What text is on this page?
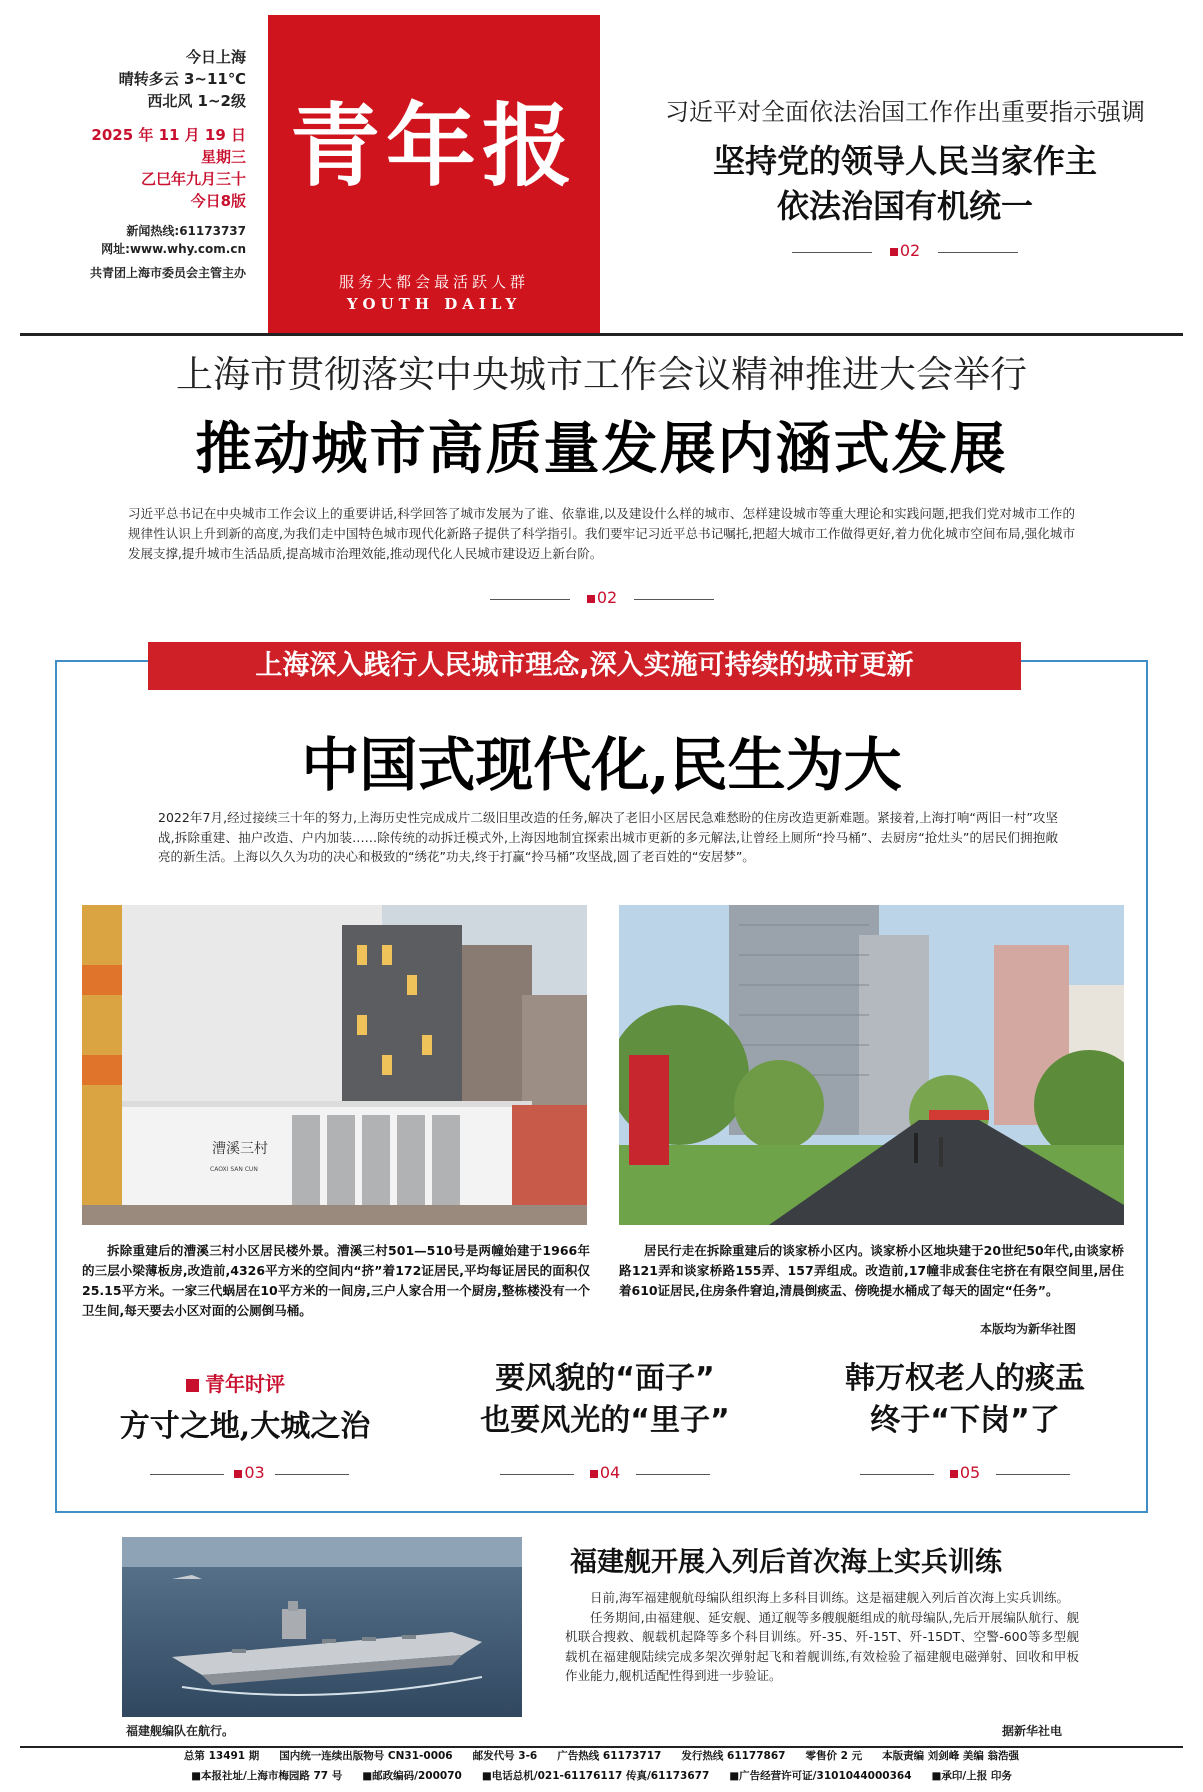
今日上海
晴转多云 3~11℃
西北风 1~2级
2025 年 11 月 19 日
星期三
乙巳年九月三十
今日8版
新闻热线:61173737
网址:www.why.com.cn
共青团上海市委员会主管主办
青年报
服务大都会最活跃人群
YOUTH DAILY
习近平对全面依法治国工作作出重要指示强调
坚持党的领导人民当家作主
依法治国有机统一
02
上海市贯彻落实中央城市工作会议精神推进大会举行
推动城市高质量发展内涵式发展
习近平总书记在中央城市工作会议上的重要讲话,科学回答了城市发展为了谁、依靠谁,以及建设什么样的城市、怎样建设城市等重大理论和实践问题,把我们党对城市工作的规律性认识上升到新的高度,为我们走中国特色城市现代化新路子提供了科学指引。我们要牢记习近平总书记嘱托,把超大城市工作做得更好,着力优化城市空间布局,强化城市发展支撑,提升城市生活品质,提高城市治理效能,推动现代化人民城市建设迈上新台阶。
02
上海深入践行人民城市理念,深入实施可持续的城市更新
中国式现代化,民生为大
2022年7月,经过接续三十年的努力,上海历史性完成成片二级旧里改造的任务,解决了老旧小区居民急难愁盼的住房改造更新难题。紧接着,上海打响“两旧一村”攻坚战,拆除重建、抽户改造、户内加装……除传统的动拆迁模式外,上海因地制宜探索出城市更新的多元解法,让曾经上厕所“拎马桶”、去厨房“抢灶头”的居民们拥抱敞亮的新生活。上海以久久为功的决心和极致的“绣花”功夫,终于打赢“拎马桶”攻坚战,圆了老百姓的“安居梦”。
漕溪三村
CAOXI SAN CUN
拆除重建后的漕溪三村小区居民楼外景。漕溪三村501—510号是两幢始建于1966年的三层小梁薄板房,改造前,4326平方米的空间内“挤”着172证居民,平均每证居民的面积仅25.15平方米。一家三代蜗居在10平方米的一间房,三户人家合用一个厨房,整栋楼没有一个卫生间,每天要去小区对面的公厕倒马桶。
居民行走在拆除重建后的谈家桥小区内。谈家桥小区地块建于20世纪50年代,由谈家桥路121弄和谈家桥路155弄、157弄组成。改造前,17幢非成套住宅挤在有限空间里,居住着610证居民,住房条件窘迫,清晨倒痰盂、傍晚提水桶成了每天的固定“任务”。
本版均为新华社图
青年时评
方寸之地,大城之治
要风貌的“面子”
也要风光的“里子”
韩万权老人的痰盂
终于“下岗”了
03	04	05
福建舰编队在航行。
福建舰开展入列后首次海上实兵训练
日前,海军福建舰航母编队组织海上多科目训练。这是福建舰入列后首次海上实兵训练。
任务期间,由福建舰、延安舰、通辽舰等多艘舰艇组成的航母编队,先后开展编队航行、舰机联合搜救、舰载机起降等多个科目训练。歼-35、歼-15T、歼-15DT、空警-600等多型舰载机在福建舰陆续完成多架次弹射起飞和着舰训练,有效检验了福建舰电磁弹射、回收和甲板作业能力,舰机适配性得到进一步验证。
据新华社电
总第 13491 期 国内统一连续出版物号 CN31-0006 邮发代号 3-6 广告热线 61173717 发行热线 61177867 零售价 2 元 本版责编 刘剑峰 美编 翁浩强
■本报社址/上海市梅园路 77 号 ■邮政编码/200070 ■电话总机/021-61176117 传真/61173677 ■广告经营许可证/3101044000364 ■承印/上报 印务
